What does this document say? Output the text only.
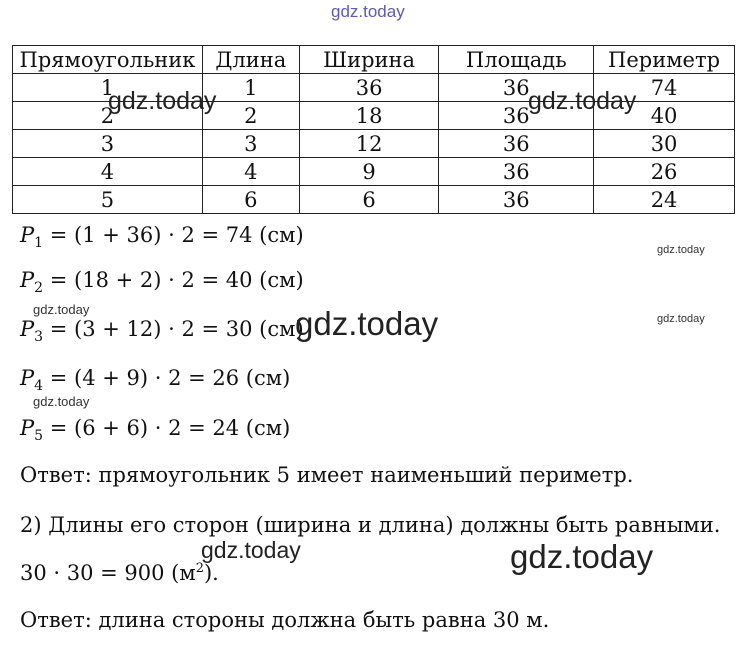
Прямоугольник	Длина	Ширина	Площадь	Периметр
1	1	36	36	74
2	2	18	36	40
3	3	12	36	30
4	4	9	36	26
5	6	6	36	24
$P_1 = (1 + 36) \cdot 2 = 74$ (см)
$P_2 = (18 + 2) \cdot 2 = 40$ (см)
$P_3 = (3 + 12) \cdot 2 = 30$ (см)
$P_4 = (4 + 9) \cdot 2 = 26$ (см)
$P_5 = (6 + 6) \cdot 2 = 24$ (см)
Ответ: прямоугольник 5 имеет наименьший периметр.
2) Длины его сторон (ширина и длина) должны быть равными.
30 · 30 = 900 $(м^2)$.
Ответ: длина стороны должна быть равна 30 м.
gdz.today
gdz.today	gdz.today
gdz.today
gdz.today
gdz.today
gdz.today
gdz.today
gdz.today	gdz.today
